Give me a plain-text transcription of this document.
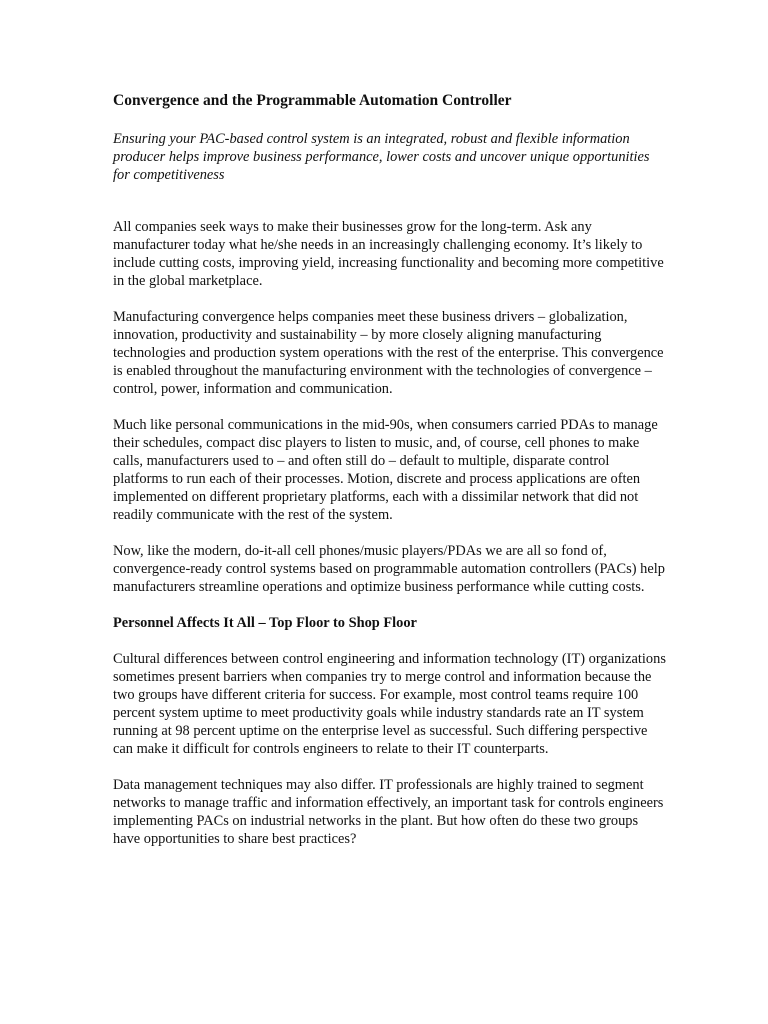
Convergence and the Programmable Automation Controller

Ensuring your PAC-based control system is an integrated, robust and flexible information producer helps improve business performance, lower costs and uncover unique opportunities for competitiveness

All companies seek ways to make their businesses grow for the long-term. Ask any manufacturer today what he/she needs in an increasingly challenging economy. It’s likely to include cutting costs, improving yield, increasing functionality and becoming more competitive in the global marketplace.

Manufacturing convergence helps companies meet these business drivers – globalization, innovation, productivity and sustainability – by more closely aligning manufacturing technologies and production system operations with the rest of the enterprise. This convergence is enabled throughout the manufacturing environment with the technologies of convergence – control, power, information and communication.

Much like personal communications in the mid-90s, when consumers carried PDAs to manage their schedules, compact disc players to listen to music, and, of course, cell phones to make calls, manufacturers used to – and often still do – default to multiple, disparate control platforms to run each of their processes. Motion, discrete and process applications are often implemented on different proprietary platforms, each with a dissimilar network that did not readily communicate with the rest of the system.

Now, like the modern, do-it-all cell phones/music players/PDAs we are all so fond of, convergence-ready control systems based on programmable automation controllers (PACs) help manufacturers streamline operations and optimize business performance while cutting costs.

Personnel Affects It All – Top Floor to Shop Floor

Cultural differences between control engineering and information technology (IT) organizations sometimes present barriers when companies try to merge control and information because the two groups have different criteria for success. For example, most control teams require 100 percent system uptime to meet productivity goals while industry standards rate an IT system running at 98 percent uptime on the enterprise level as successful. Such differing perspective can make it difficult for controls engineers to relate to their IT counterparts.

Data management techniques may also differ. IT professionals are highly trained to segment networks to manage traffic and information effectively, an important task for controls engineers implementing PACs on industrial networks in the plant. But how often do these two groups have opportunities to share best practices?
